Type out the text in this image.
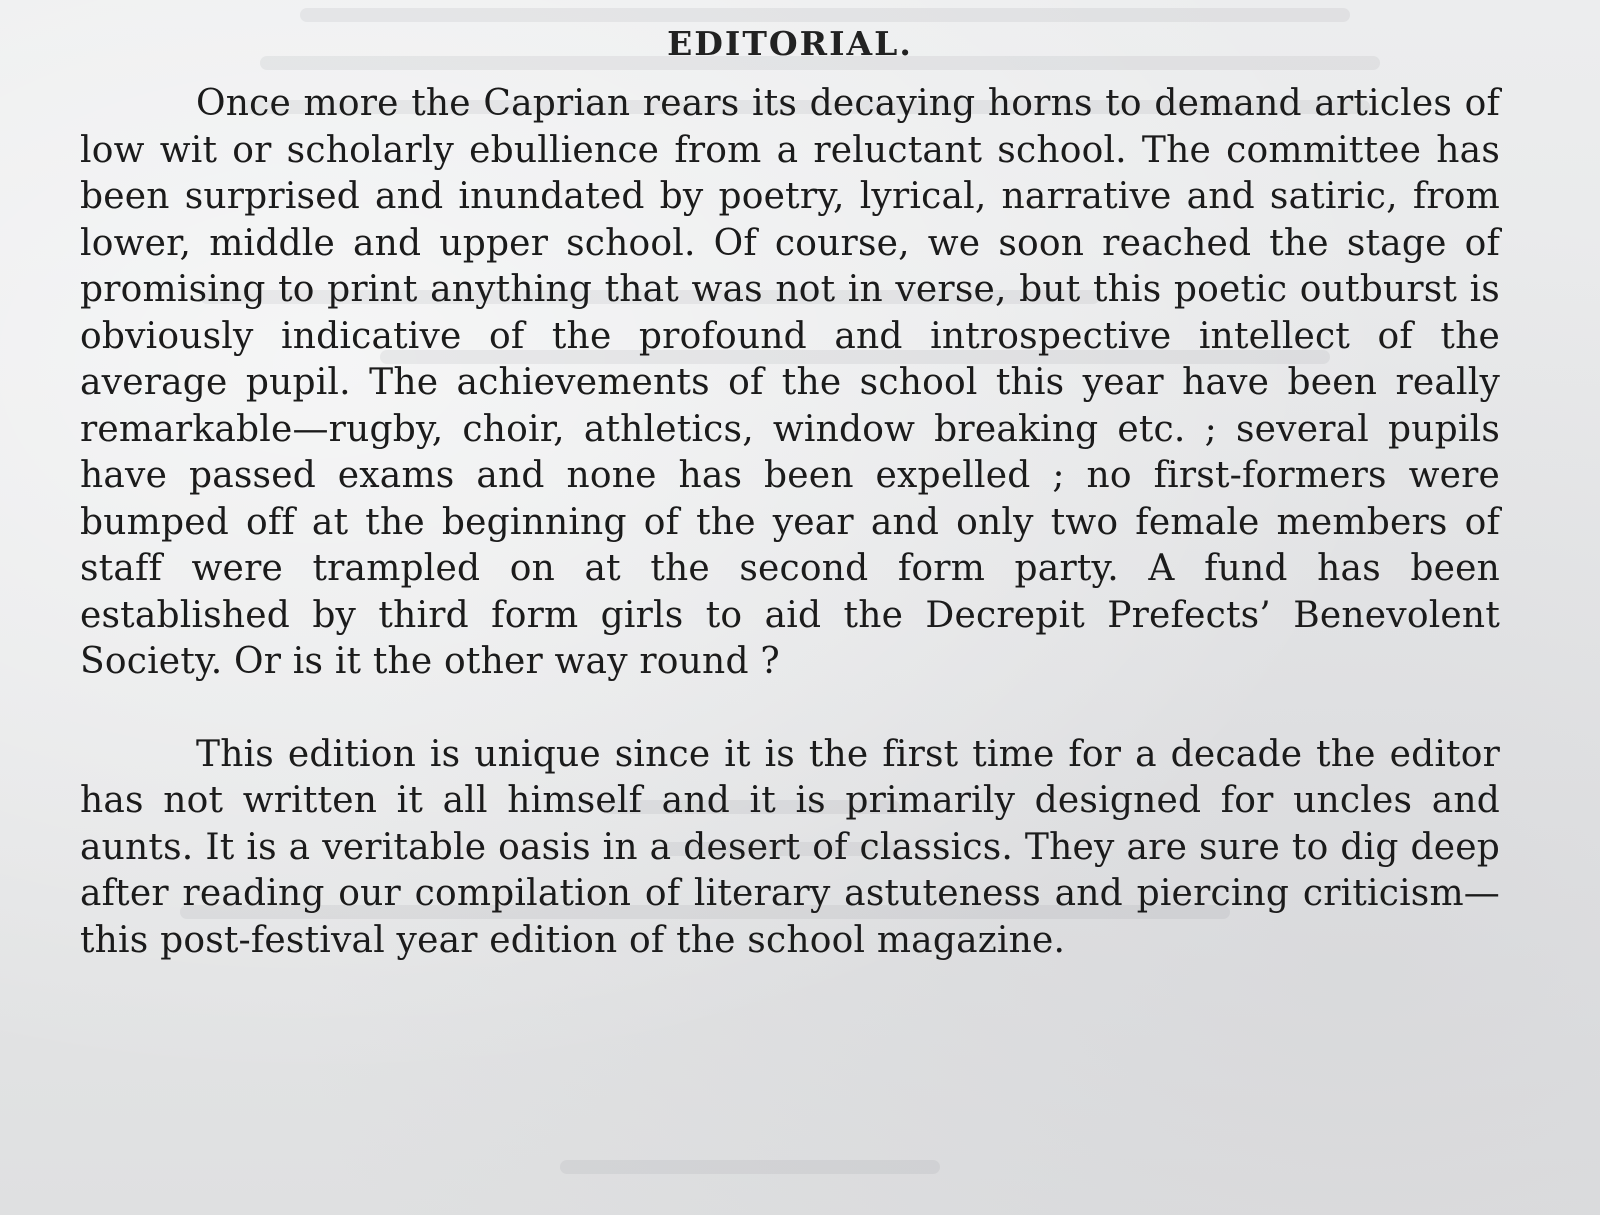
EDITORIAL.

Once more the Caprian rears its decaying horns to demand articles of low wit or scholarly ebullience from a reluctant school. The committee has been surprised and inundated by poetry, lyrical, narrative and satiric, from lower, middle and upper school. Of course, we soon reached the stage of promising to print anything that was not in verse, but this poetic outburst is obviously indicative of the profound and introspective intellect of the average pupil. The achievements of the school this year have been really remarkable—rugby, choir, athletics, window breaking etc. ; several pupils have passed exams and none has been expelled ; no first-formers were bumped off at the beginning of the year and only two female members of staff were trampled on at the second form party. A fund has been established by third form girls to aid the Decrepit Prefects’ Benevolent Society. Or is it the other way round ?

This edition is unique since it is the first time for a decade the editor has not written it all himself and it is primarily designed for uncles and aunts. It is a veritable oasis in a desert of classics. They are sure to dig deep after reading our compilation of literary astuteness and piercing criticism—this post-festival year edition of the school magazine.
